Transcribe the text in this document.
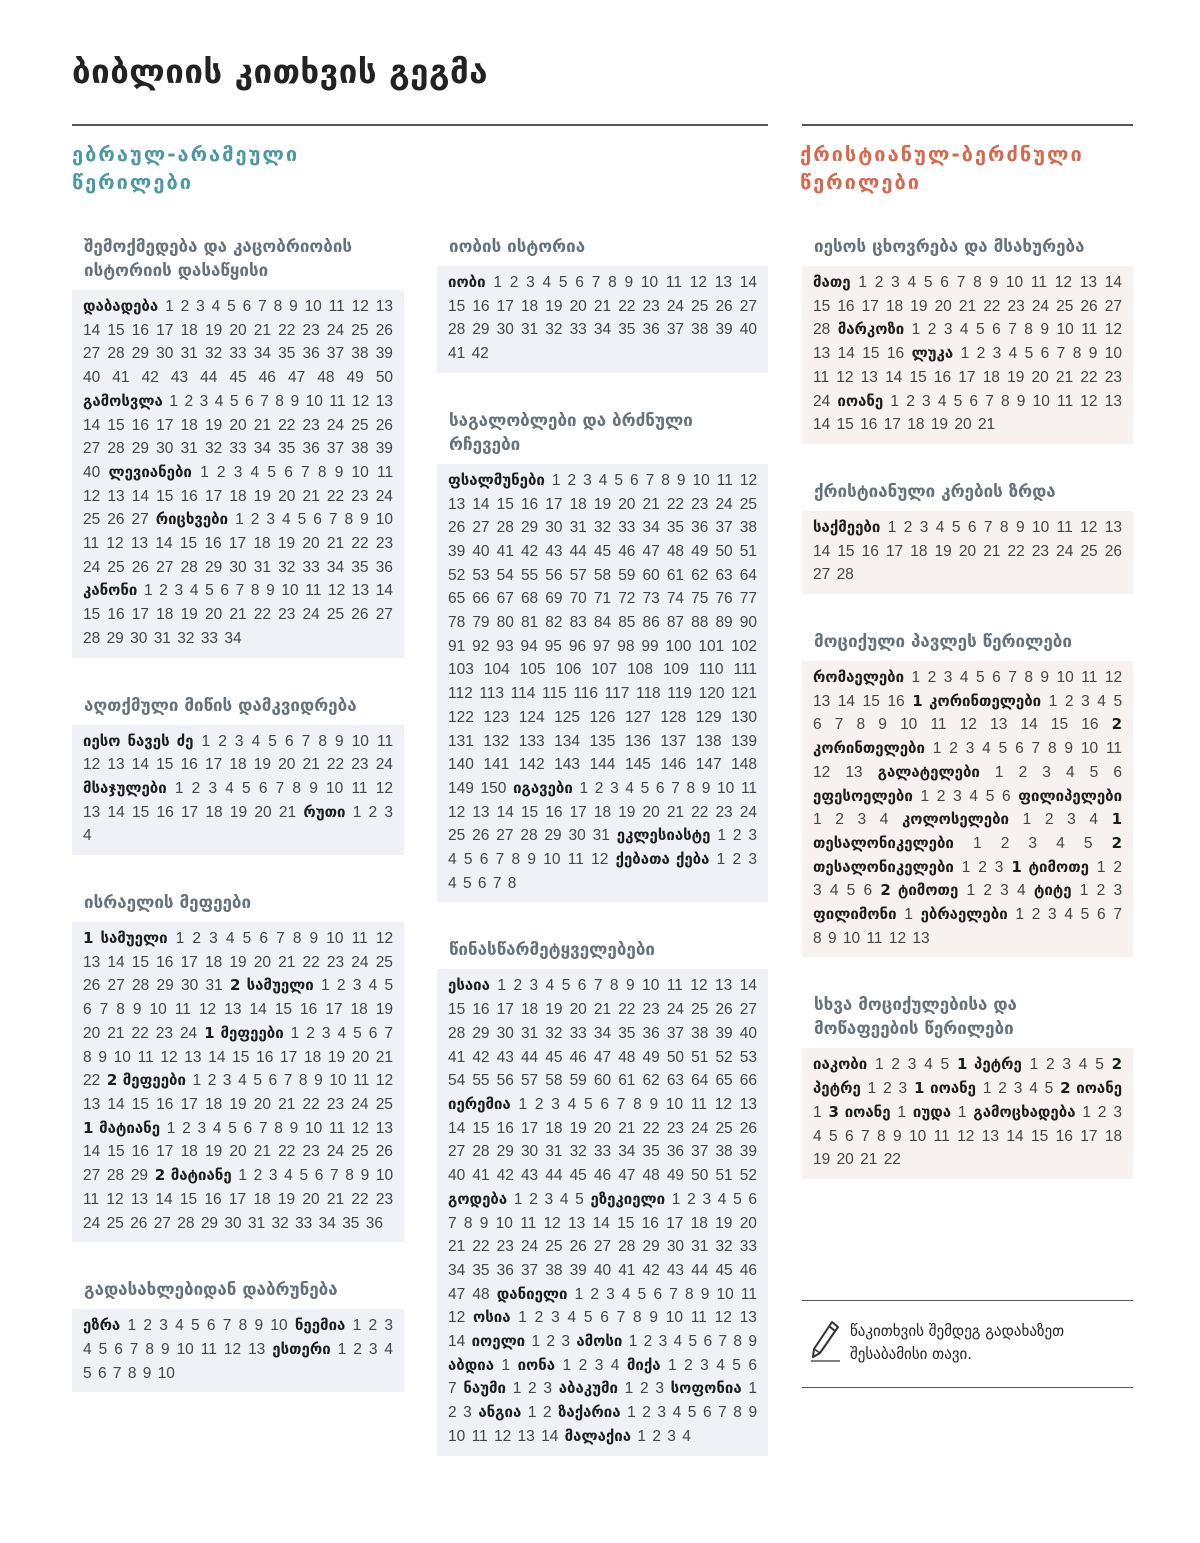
ბიბლიის კითხვის გეგმა
ებრაულ-არამეული წერილები
ქრისტიანულ-ბერძნული წერილები
შემოქმედება და კაცობრიობის ისტორიის დასაწყისი
დაბადება 1 2 3 4 5 6 7 8 9 10 11 12 13 14 15 16 17 18 19 20 21 22 23 24 25 26 27 28 29 30 31 32 33 34 35 36 37 38 39 40 41 42 43 44 45 46 47 48 49 50 გამოსვლა 1 2 3 4 5 6 7 8 9 10 11 12 13 14 15 16 17 18 19 20 21 22 23 24 25 26 27 28 29 30 31 32 33 34 35 36 37 38 39 40 ლევიანები 1 2 3 4 5 6 7 8 9 10 11 12 13 14 15 16 17 18 19 20 21 22 23 24 25 26 27 რიცხვები 1 2 3 4 5 6 7 8 9 10 11 12 13 14 15 16 17 18 19 20 21 22 23 24 25 26 27 28 29 30 31 32 33 34 35 36 კანონი 1 2 3 4 5 6 7 8 9 10 11 12 13 14 15 16 17 18 19 20 21 22 23 24 25 26 27 28 29 30 31 32 33 34
აღთქმული მიწის დამკვიდრება
იესო ნავეს ძე 1 2 3 4 5 6 7 8 9 10 11 12 13 14 15 16 17 18 19 20 21 22 23 24 მსაჯულები 1 2 3 4 5 6 7 8 9 10 11 12 13 14 15 16 17 18 19 20 21 რუთი 1 2 3 4
ისრაელის მეფეები
1 სამუელი 1 2 3 4 5 6 7 8 9 10 11 12 13 14 15 16 17 18 19 20 21 22 23 24 25 26 27 28 29 30 31 2 სამუელი 1 2 3 4 5 6 7 8 9 10 11 12 13 14 15 16 17 18 19 20 21 22 23 24 1 მეფეები 1 2 3 4 5 6 7 8 9 10 11 12 13 14 15 16 17 18 19 20 21 22 2 მეფეები 1 2 3 4 5 6 7 8 9 10 11 12 13 14 15 16 17 18 19 20 21 22 23 24 25 1 მატიანე 1 2 3 4 5 6 7 8 9 10 11 12 13 14 15 16 17 18 19 20 21 22 23 24 25 26 27 28 29 2 მატიანე 1 2 3 4 5 6 7 8 9 10 11 12 13 14 15 16 17 18 19 20 21 22 23 24 25 26 27 28 29 30 31 32 33 34 35 36
გადასახლებიდან დაბრუნება
ეზრა 1 2 3 4 5 6 7 8 9 10 ნეემია 1 2 3 4 5 6 7 8 9 10 11 12 13 ესთერი 1 2 3 4 5 6 7 8 9 10
იობის ისტორია
იობი 1 2 3 4 5 6 7 8 9 10 11 12 13 14 15 16 17 18 19 20 21 22 23 24 25 26 27 28 29 30 31 32 33 34 35 36 37 38 39 40 41 42
საგალობლები და ბრძნული რჩევები
ფსალმუნები 1 2 3 4 5 6 7 8 9 10 11 12 13 14 15 16 17 18 19 20 21 22 23 24 25 26 27 28 29 30 31 32 33 34 35 36 37 38 39 40 41 42 43 44 45 46 47 48 49 50 51 52 53 54 55 56 57 58 59 60 61 62 63 64 65 66 67 68 69 70 71 72 73 74 75 76 77 78 79 80 81 82 83 84 85 86 87 88 89 90 91 92 93 94 95 96 97 98 99 100 101 102 103 104 105 106 107 108 109 110 111 112 113 114 115 116 117 118 119 120 121 122 123 124 125 126 127 128 129 130 131 132 133 134 135 136 137 138 139 140 141 142 143 144 145 146 147 148 149 150 იგავები 1 2 3 4 5 6 7 8 9 10 11 12 13 14 15 16 17 18 19 20 21 22 23 24 25 26 27 28 29 30 31 ეკლესიასტე 1 2 3 4 5 6 7 8 9 10 11 12 ქებათა ქება 1 2 3 4 5 6 7 8
წინასწარმეტყველებები
ესაია 1 2 3 4 5 6 7 8 9 10 11 12 13 14 15 16 17 18 19 20 21 22 23 24 25 26 27 28 29 30 31 32 33 34 35 36 37 38 39 40 41 42 43 44 45 46 47 48 49 50 51 52 53 54 55 56 57 58 59 60 61 62 63 64 65 66 იერემია 1 2 3 4 5 6 7 8 9 10 11 12 13 14 15 16 17 18 19 20 21 22 23 24 25 26 27 28 29 30 31 32 33 34 35 36 37 38 39 40 41 42 43 44 45 46 47 48 49 50 51 52 გოდება 1 2 3 4 5 ეზეკიელი 1 2 3 4 5 6 7 8 9 10 11 12 13 14 15 16 17 18 19 20 21 22 23 24 25 26 27 28 29 30 31 32 33 34 35 36 37 38 39 40 41 42 43 44 45 46 47 48 დანიელი 1 2 3 4 5 6 7 8 9 10 11 12 ოსია 1 2 3 4 5 6 7 8 9 10 11 12 13 14 იოელი 1 2 3 ამოსი 1 2 3 4 5 6 7 8 9 აბდია 1 იონა 1 2 3 4 მიქა 1 2 3 4 5 6 7 ნაუმი 1 2 3 აბაკუმი 1 2 3 სოფონია 1 2 3 ანგია 1 2 ზაქარია 1 2 3 4 5 6 7 8 9 10 11 12 13 14 მალაქია 1 2 3 4
იესოს ცხოვრება და მსახურება
მათე 1 2 3 4 5 6 7 8 9 10 11 12 13 14 15 16 17 18 19 20 21 22 23 24 25 26 27 28 მარკოზი 1 2 3 4 5 6 7 8 9 10 11 12 13 14 15 16 ლუკა 1 2 3 4 5 6 7 8 9 10 11 12 13 14 15 16 17 18 19 20 21 22 23 24 იოანე 1 2 3 4 5 6 7 8 9 10 11 12 13 14 15 16 17 18 19 20 21
ქრისტიანული კრების ზრდა
საქმეები 1 2 3 4 5 6 7 8 9 10 11 12 13 14 15 16 17 18 19 20 21 22 23 24 25 26 27 28
მოციქული პავლეს წერილები
რომაელები 1 2 3 4 5 6 7 8 9 10 11 12 13 14 15 16 1 კორინთელები 1 2 3 4 5 6 7 8 9 10 11 12 13 14 15 16 2 კორინთელები 1 2 3 4 5 6 7 8 9 10 11 12 13 გალატელები 1 2 3 4 5 6 ეფესოელები 1 2 3 4 5 6 ფილიპელები 1 2 3 4 კოლოსელები 1 2 3 4 1 თესალონიკელები 1 2 3 4 5 2 თესალონიკელები 1 2 3 1 ტიმოთე 1 2 3 4 5 6 2 ტიმოთე 1 2 3 4 ტიტე 1 2 3 ფილიმონი 1 ებრაელები 1 2 3 4 5 6 7 8 9 10 11 12 13
სხვა მოციქულებისა და მოწაფეების წერილები
იაკობი 1 2 3 4 5 1 პეტრე 1 2 3 4 5 2 პეტრე 1 2 3 1 იოანე 1 2 3 4 5 2 იოანე 1 3 იოანე 1 იუდა 1 გამოცხადება 1 2 3 4 5 6 7 8 9 10 11 12 13 14 15 16 17 18 19 20 21 22
წაკითხვის შემდეგ გადახაზეთ შესაბამისი თავი.
